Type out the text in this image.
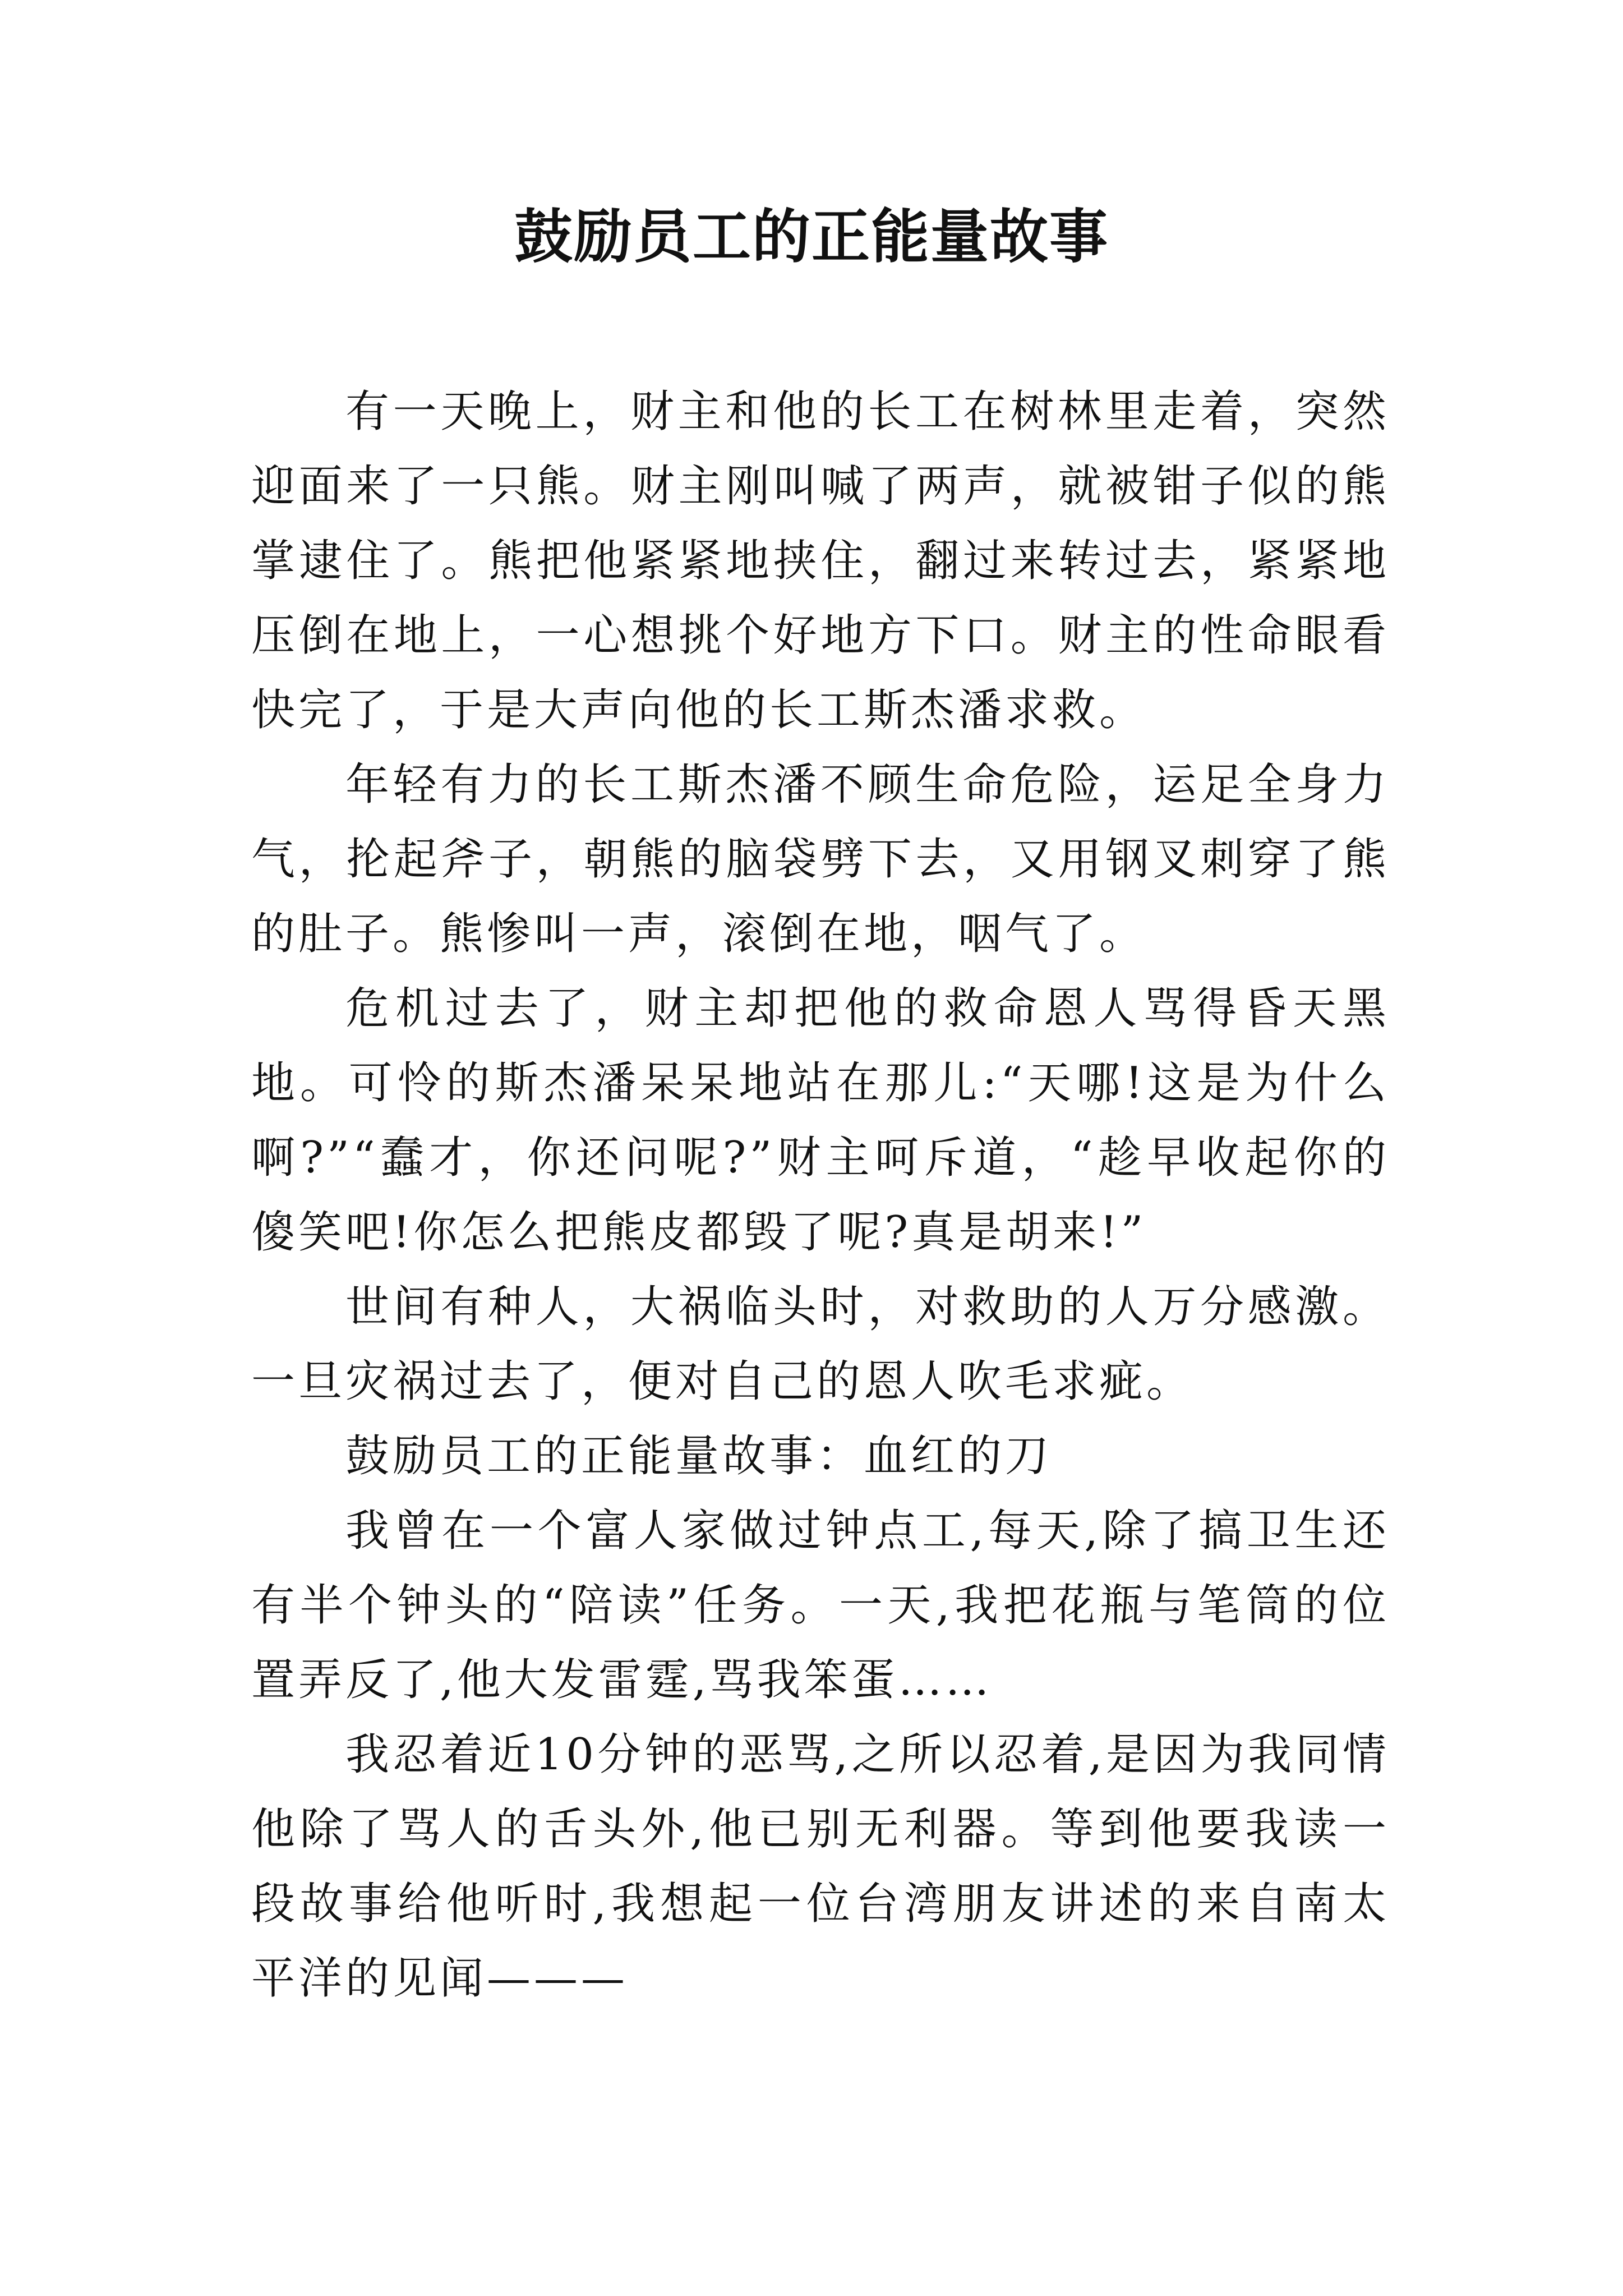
鼓励员工的正能量故事

有一天晚上，财主和他的长工在树林里走着，突然迎面来了一只熊。财主刚叫喊了两声，就被钳子似的熊掌逮住了。熊把他紧紧地挟住，翻过来转过去，紧紧地压倒在地上，一心想挑个好地方下口。财主的性命眼看快完了，于是大声向他的长工斯杰潘求救。

年轻有力的长工斯杰潘不顾生命危险，运足全身力气，抡起斧子，朝熊的脑袋劈下去，又用钢叉刺穿了熊的肚子。熊惨叫一声，滚倒在地，咽气了。

危机过去了，财主却把他的救命恩人骂得昏天黑地。可怜的斯杰潘呆呆地站在那儿:“天哪!这是为什么啊?”“蠢才，你还问呢?”财主呵斥道，“趁早收起你的傻笑吧!你怎么把熊皮都毁了呢?真是胡来!”

世间有种人，大祸临头时，对救助的人万分感激。一旦灾祸过去了，便对自己的恩人吹毛求疵。

鼓励员工的正能量故事：血红的刀

我曾在一个富人家做过钟点工,每天,除了搞卫生还有半个钟头的“陪读”任务。一天,我把花瓶与笔筒的位置弄反了,他大发雷霆,骂我笨蛋……

我忍着近10分钟的恶骂,之所以忍着,是因为我同情他除了骂人的舌头外,他已别无利器。等到他要我读一段故事给他听时,我想起一位台湾朋友讲述的来自南太平洋的见闻———
